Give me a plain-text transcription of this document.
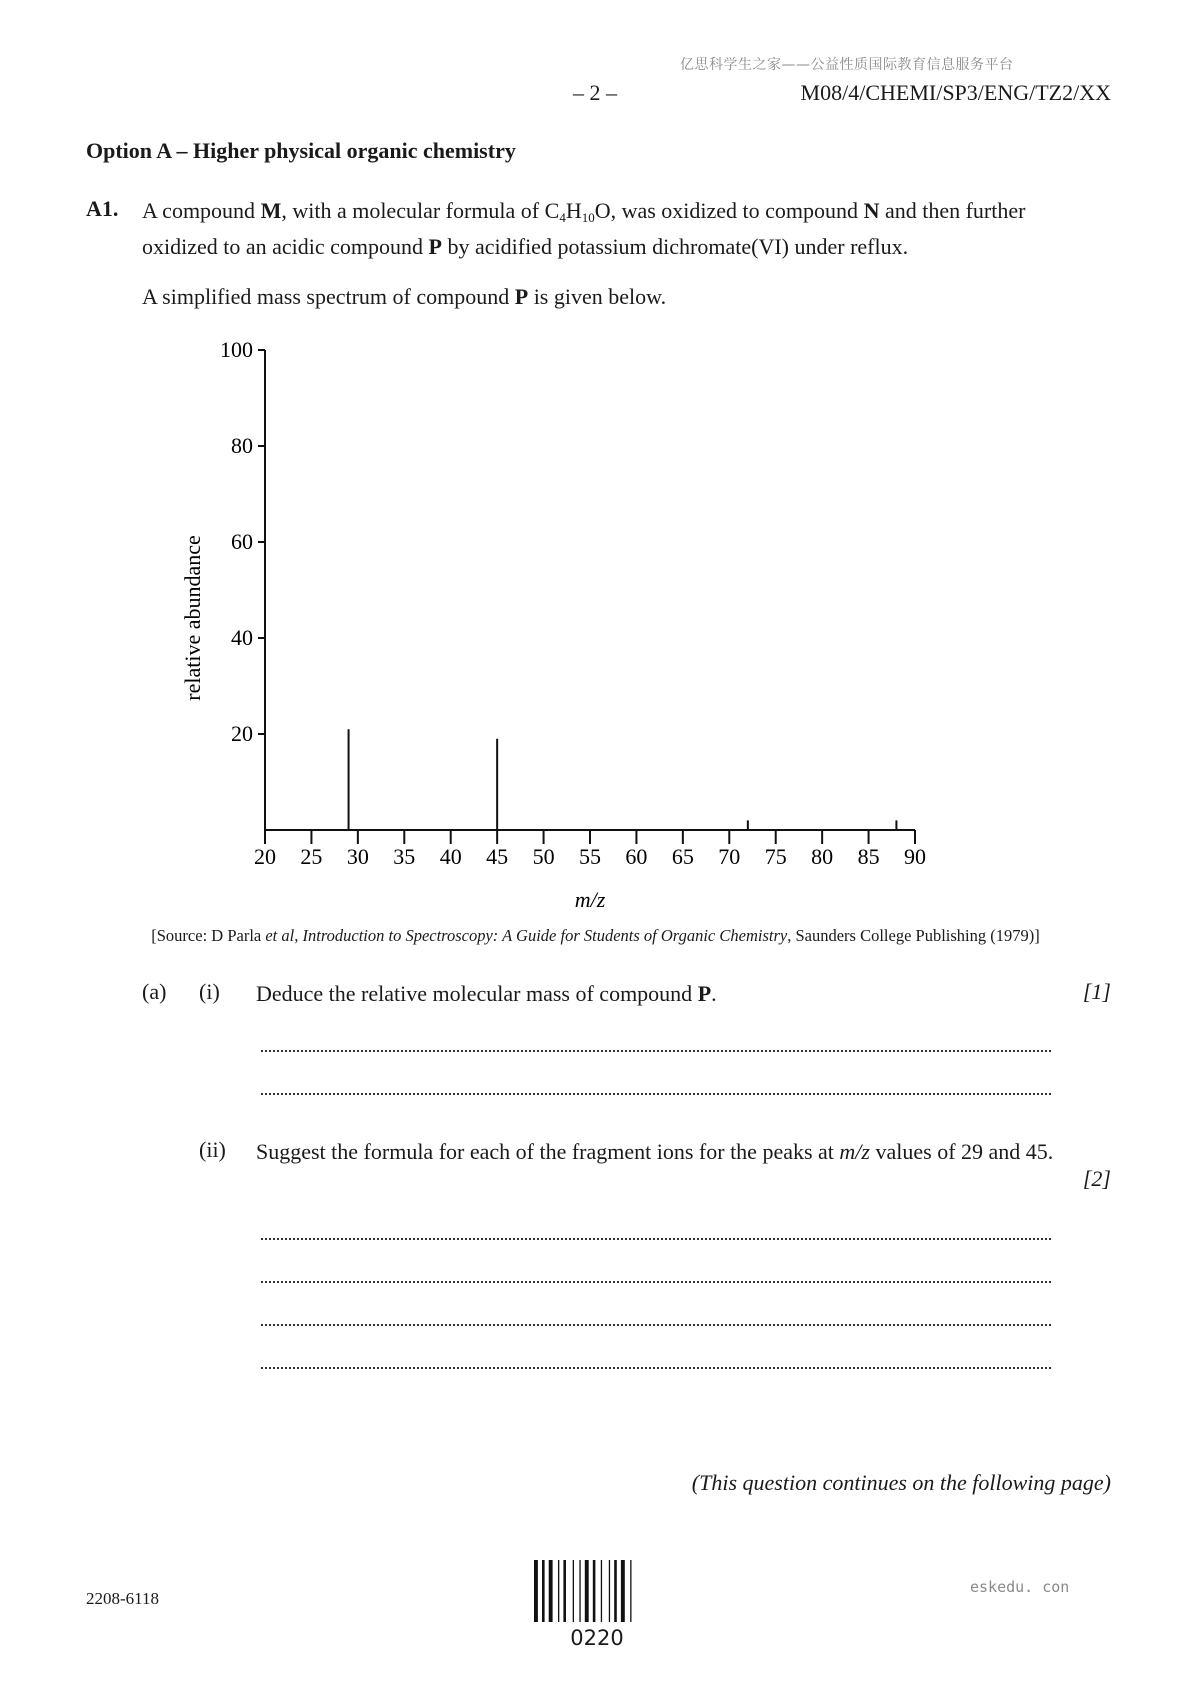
亿思科学生之家——公益性质国际教育信息服务平台
– 2 –	M08/4/CHEMI/SP3/ENG/TZ2/XX
Option A – Higher physical organic chemistry
A1. A compound M, with a molecular formula of $C_4H_{10}O$, was oxidized to compound N and then further oxidized to an acidic compound P by acidified potassium dichromate(VI) under reflux.
A simplified mass spectrum of compound P is given below.
20
40
60
80
100
20 25 30 35 40 45 50 55 60 65 70 75 80 85 90
relative abundance
m/z
[Source: D Parla et al, Introduction to Spectroscopy: A Guide for Students of Organic Chemistry, Saunders College Publishing (1979)]
(a) (i) Deduce the relative molecular mass of compound P.	[1]
(ii) Suggest the formula for each of the fragment ions for the peaks at m/z values of 29 and 45.
[2]
(This question continues on the following page)
2208-6118
eskedu. con
0220
